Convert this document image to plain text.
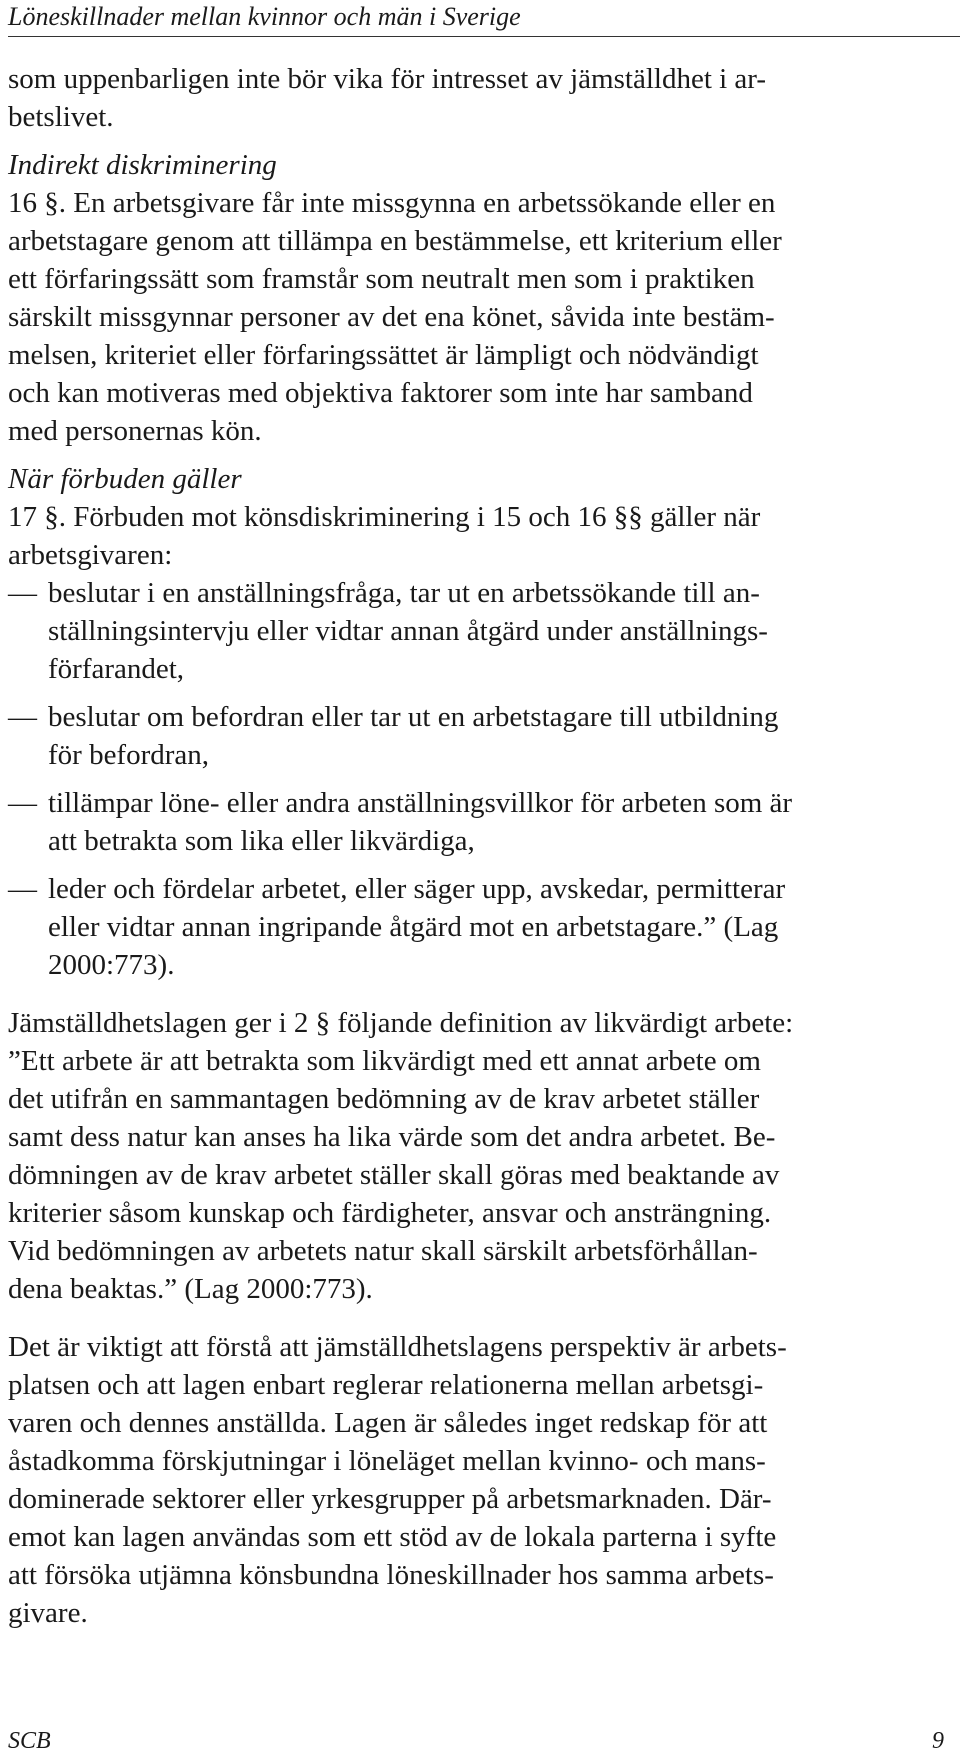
Löneskillnader mellan kvinnor och män i Sverige
som uppenbarligen inte bör vika för intresset av jämställdhet i ar-
betslivet.
Indirekt diskriminering
16 §. En arbetsgivare får inte missgynna en arbetssökande eller en
arbetstagare genom att tillämpa en bestämmelse, ett kriterium eller
ett förfaringssätt som framstår som neutralt men som i praktiken
särskilt missgynnar personer av det ena könet, såvida inte bestäm-
melsen, kriteriet eller förfaringssättet är lämpligt och nödvändigt
och kan motiveras med objektiva faktorer som inte har samband
med personernas kön.
När förbuden gäller
17 §. Förbuden mot könsdiskriminering i 15 och 16 §§ gäller när
arbetsgivaren:
— beslutar i en anställningsfråga, tar ut en arbetssökande till an-
ställningsintervju eller vidtar annan åtgärd under anställnings-
förfarandet,
— beslutar om befordran eller tar ut en arbetstagare till utbildning
för befordran,
— tillämpar löne- eller andra anställningsvillkor för arbeten som är
att betrakta som lika eller likvärdiga,
— leder och fördelar arbetet, eller säger upp, avskedar, permitterar
eller vidtar annan ingripande åtgärd mot en arbetstagare.” (Lag
2000:773).
Jämställdhetslagen ger i 2 § följande definition av likvärdigt arbete:
”Ett arbete är att betrakta som likvärdigt med ett annat arbete om
det utifrån en sammantagen bedömning av de krav arbetet ställer
samt dess natur kan anses ha lika värde som det andra arbetet. Be-
dömningen av de krav arbetet ställer skall göras med beaktande av
kriterier såsom kunskap och färdigheter, ansvar och ansträngning.
Vid bedömningen av arbetets natur skall särskilt arbetsförhållan-
dena beaktas.” (Lag 2000:773).
Det är viktigt att förstå att jämställdhetslagens perspektiv är arbets-
platsen och att lagen enbart reglerar relationerna mellan arbetsgi-
varen och dennes anställda. Lagen är således inget redskap för att
åstadkomma förskjutningar i löneläget mellan kvinno- och mans-
dominerade sektorer eller yrkesgrupper på arbetsmarknaden. Där-
emot kan lagen användas som ett stöd av de lokala parterna i syfte
att försöka utjämna könsbundna löneskillnader hos samma arbets-
givare.
SCB	9
